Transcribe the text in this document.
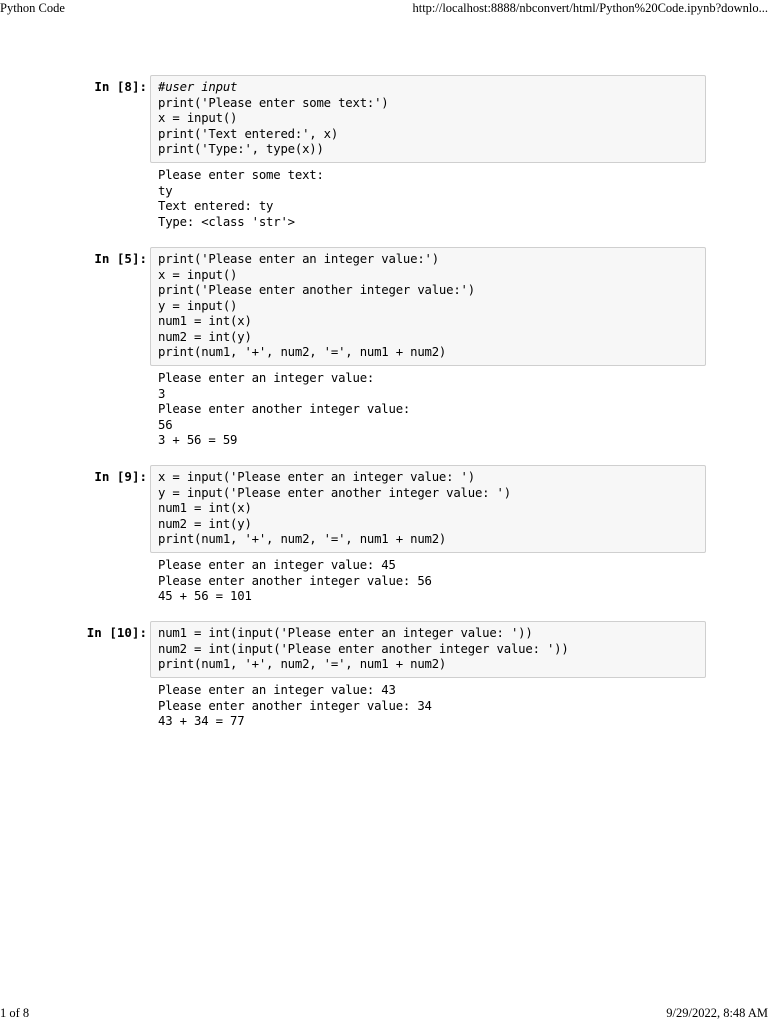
Python Code	http://localhost:8888/nbconvert/html/Python%20Code.ipynb?downlo...
In [8]: #user input
print('Please enter some text:')
x = input()
print('Text entered:', x)
print('Type:', type(x))
Please enter some text:
ty
Text entered: ty
Type: <class 'str'>
In [5]: print('Please enter an integer value:')
x = input()
print('Please enter another integer value:')
y = input()
num1 = int(x)
num2 = int(y)
print(num1, '+', num2, '=', num1 + num2)
Please enter an integer value:
3
Please enter another integer value:
56
3 + 56 = 59
In [9]: x = input('Please enter an integer value: ')
y = input('Please enter another integer value: ')
num1 = int(x)
num2 = int(y)
print(num1, '+', num2, '=', num1 + num2)
Please enter an integer value: 45
Please enter another integer value: 56
45 + 56 = 101
In [10]: num1 = int(input('Please enter an integer value: '))
num2 = int(input('Please enter another integer value: '))
print(num1, '+', num2, '=', num1 + num2)
Please enter an integer value: 43
Please enter another integer value: 34
43 + 34 = 77
1 of 8	9/29/2022, 8:48 AM
